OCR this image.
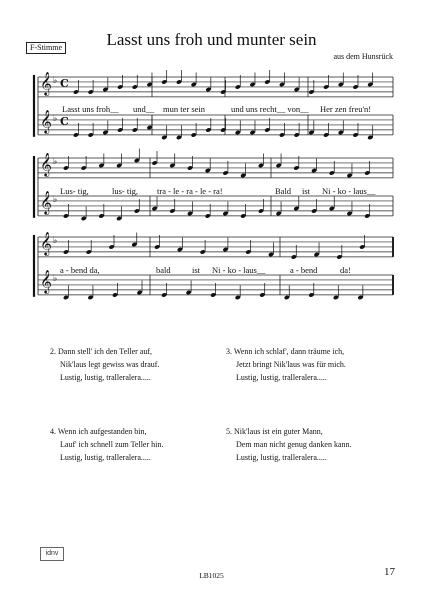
F-Stimme	Lasst uns froh und munter sein
aus dem Hunsrück
𝄞 ♭ C
𝄞 ♭ C
𝄞 ♭
𝄞 ♭
𝄞 ♭
𝄞 ♭
Lasst uns froh__ und__ mun ter sein	und uns recht__ von__ Her zen freu'n!
Lus- tig,	lus- tig, tra - le - ra - le - ra!	Bald ist Ni - ko - laus__
a - bend da,	bald	ist Ni - ko - laus__	a - bend	da!
2. Dann stell' ich den Teller auf,
Nik'laus legt gewiss was drauf.
Lustig, lustig, tralleralera.....
3. Wenn ich schlaf', dann träume ich,
Jetzt bringt Nik'laus was für mich.
Lustig, lustig, tralleralera.....
4. Wenn ich aufgestanden bin,
Lauf' ich schnell zum Teller hin.
Lustig, lustig, tralleralera.....
5. Nik'laus ist ein guter Mann,
Dem man nicht genug danken kann.
Lustig, lustig, tralleralera.....
idnv
LB1025	17
